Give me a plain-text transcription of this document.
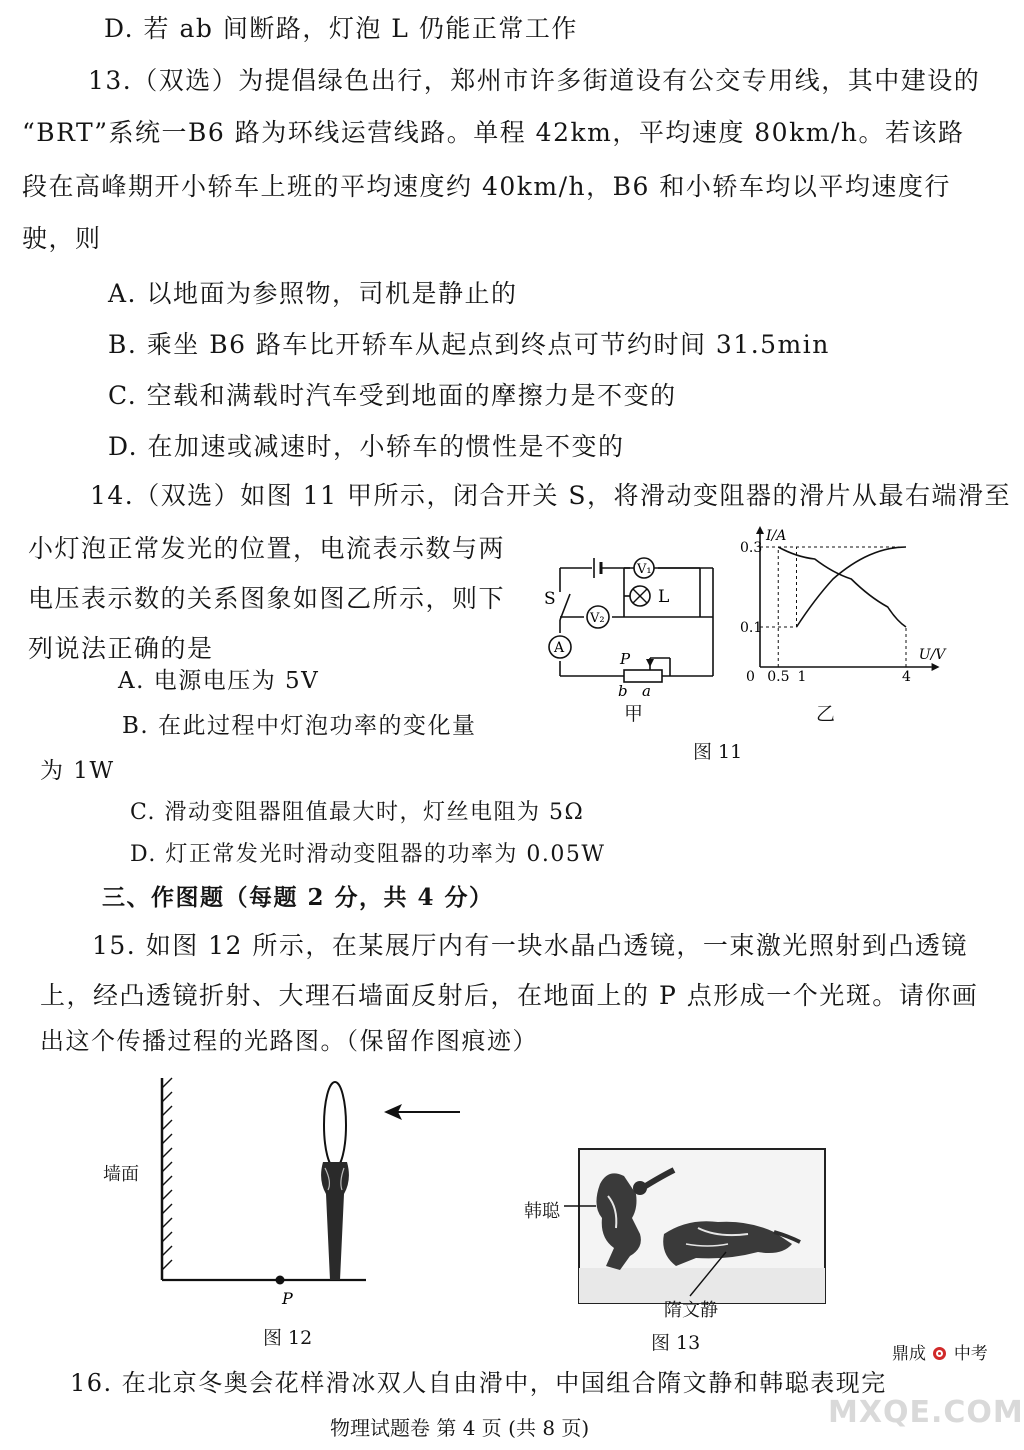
D. 若 ab 间断路，灯泡 L 仍能正常工作
13.（双选）为提倡绿色出行，郑州市许多街道设有公交专用线，其中建设的
“BRT”系统一B6 路为环线运营线路。单程 42km，平均速度 80km/h。若该路
段在高峰期开小轿车上班的平均速度约 40km/h，B6 和小轿车均以平均速度行
驶，则
A. 以地面为参照物，司机是静止的
B. 乘坐 B6 路车比开轿车从起点到终点可节约时间 31.5min
C. 空载和满载时汽车受到地面的摩擦力是不变的
D. 在加速或减速时，小轿车的惯性是不变的
14.（双选）如图 11 甲所示，闭合开关 S，将滑动变阻器的滑片从最右端滑至
小灯泡正常发光的位置，电流表示数与两
电压表示数的关系图象如图乙所示，则下
列说法正确的是
A. 电源电压为 5V
B. 在此过程中灯泡功率的变化量
为 1W
C. 滑动变阻器阻值最大时，灯丝电阻为 5Ω
D. 灯正常发光时滑动变阻器的功率为 0.05W
三、作图题（每题 2 分，共 4 分）
15. 如图 12 所示，在某展厅内有一块水晶凸透镜，一束激光照射到凸透镜
上，经凸透镜折射、大理石墙面反射后，在地面上的 P 点形成一个光斑。请你画
出这个传播过程的光路图。（保留作图痕迹）
16. 在北京冬奥会花样滑冰双人自由滑中，中国组合隋文静和韩聪表现完
V₁
V₂
A
S	L
P
b a
甲
I/A
U/V
0.3
0.1
0 0.5 1	4
乙
图 11
P
墙面
图 12
韩聪
隋文静
图 13	鼎成 中考
MXQE.COM
物理试题卷 第 4 页 (共 8 页)
